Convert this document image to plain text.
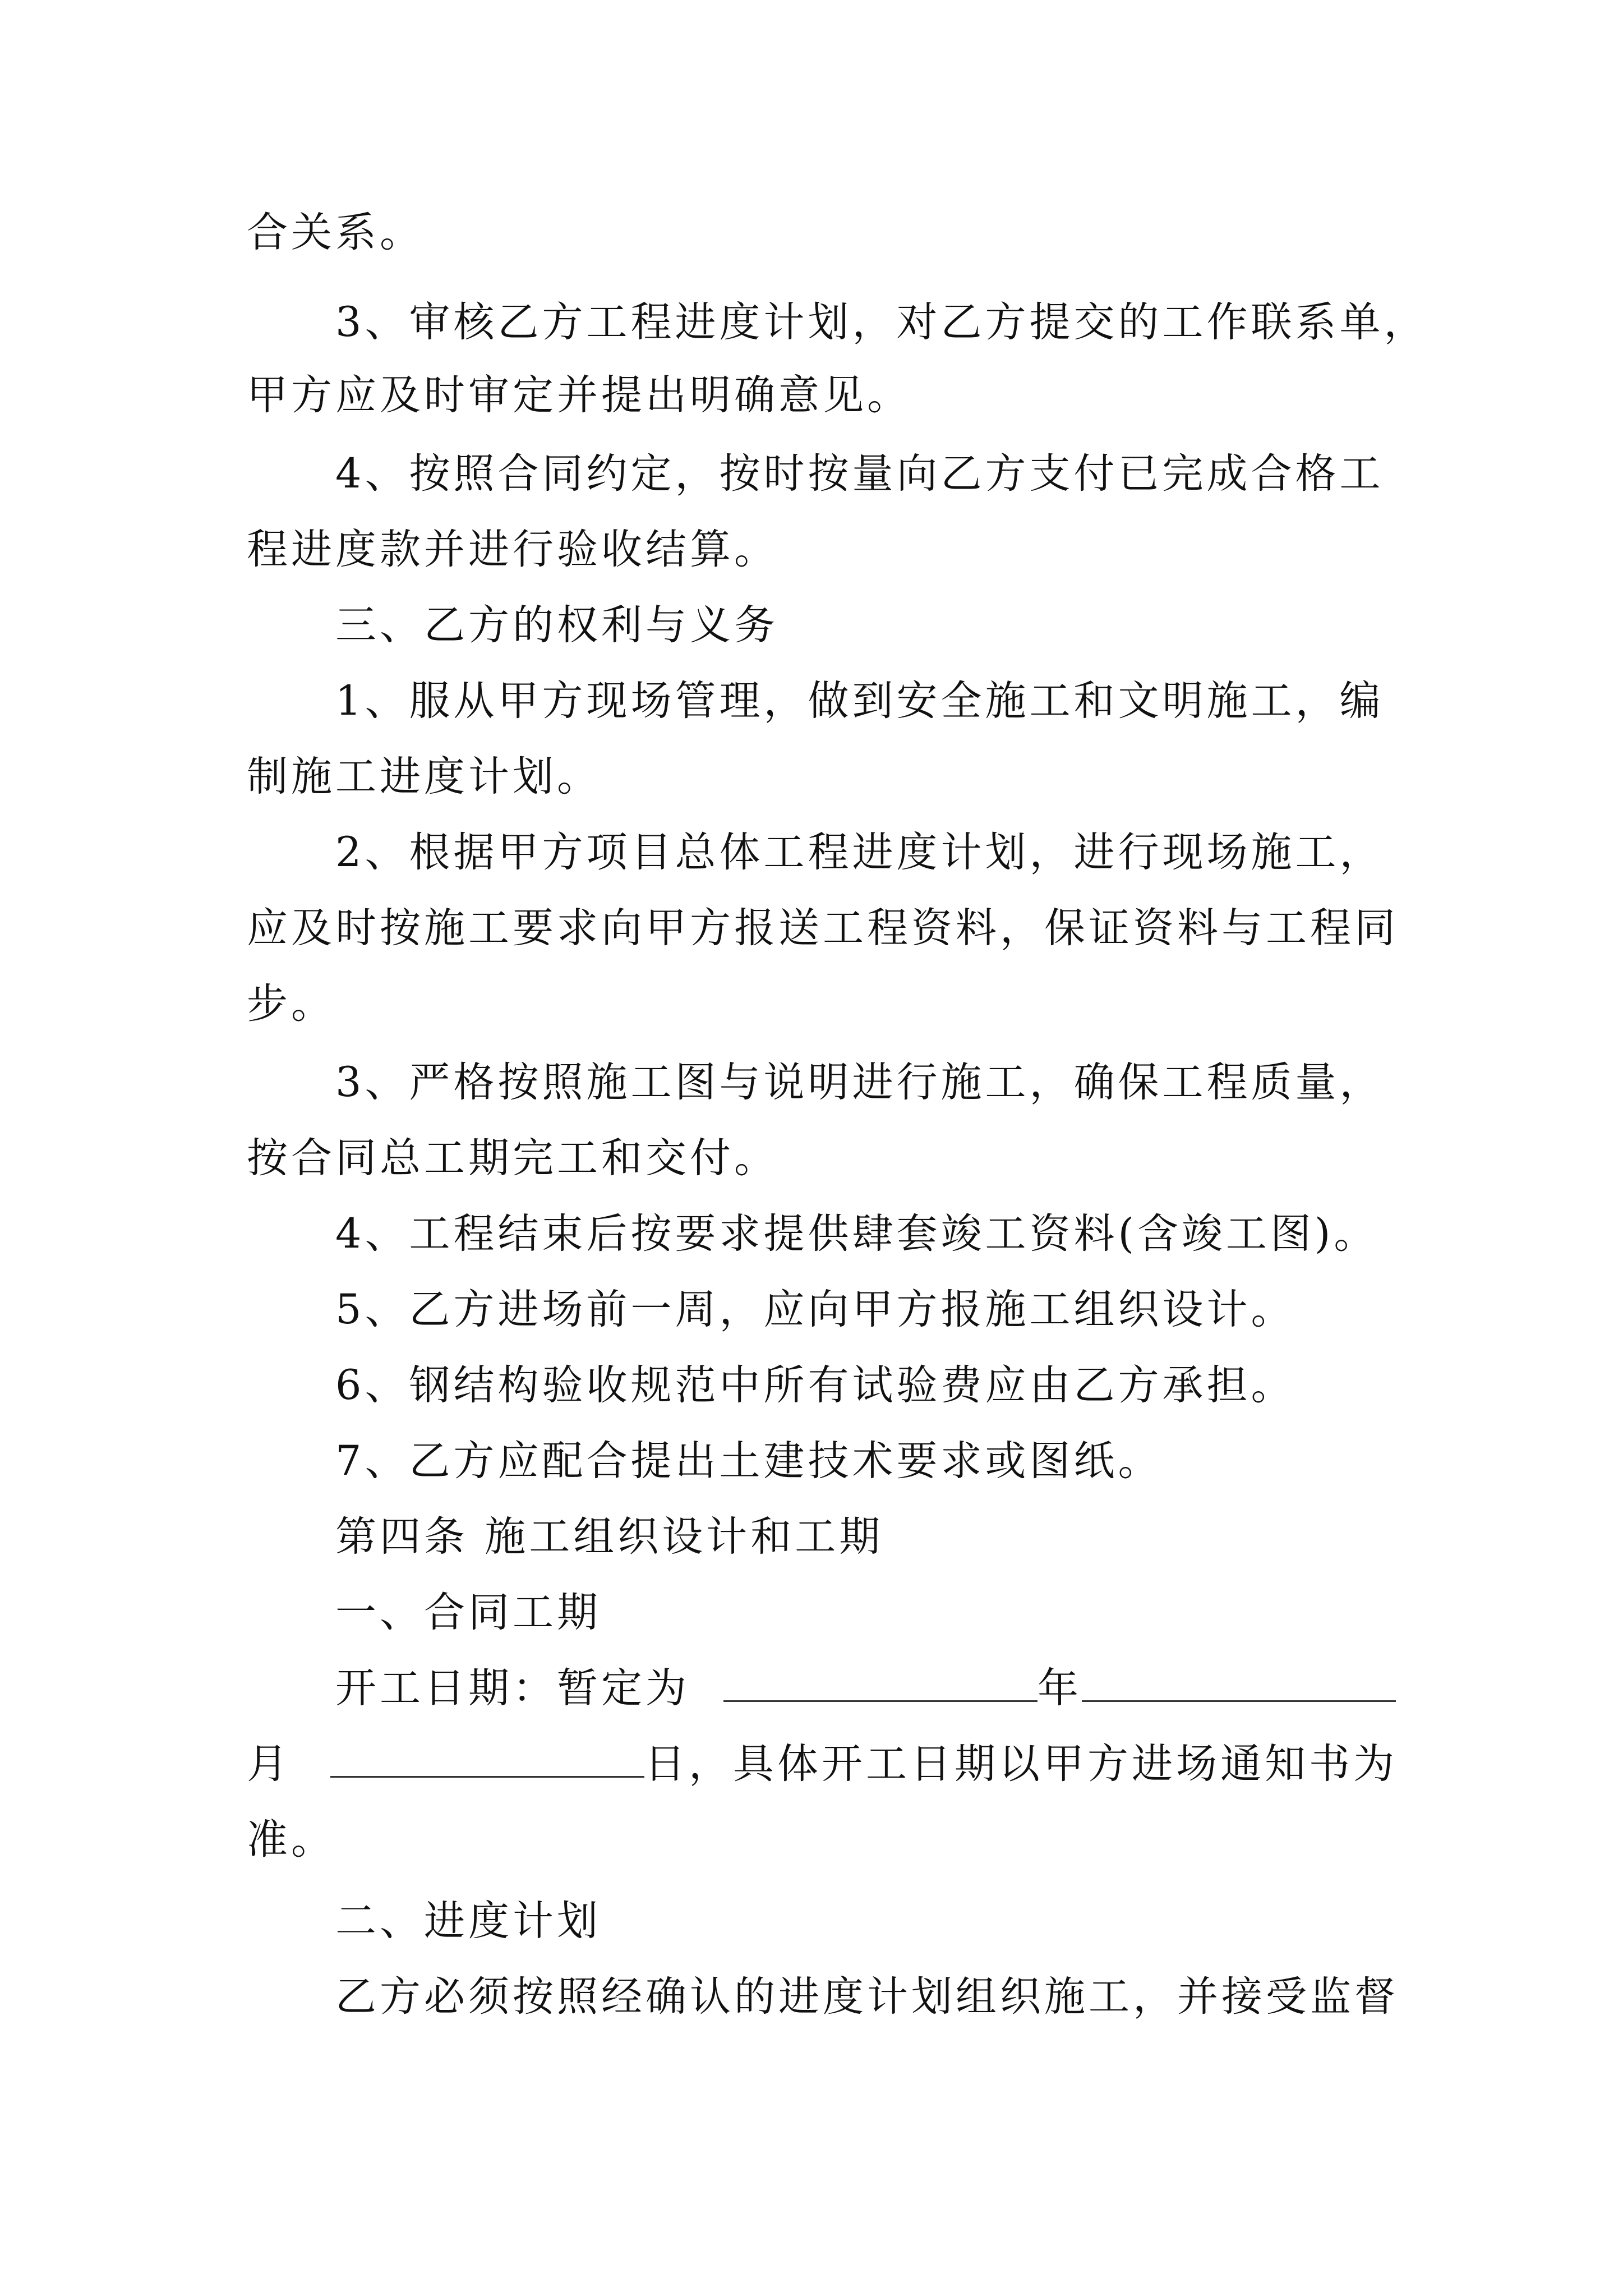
合关系。
3、审核乙方工程进度计划，对乙方提交的工作联系单，
甲方应及时审定并提出明确意见。
4、按照合同约定，按时按量向乙方支付已完成合格工
程进度款并进行验收结算。
三、乙方的权利与义务
1、服从甲方现场管理，做到安全施工和文明施工，编
制施工进度计划。
2、根据甲方项目总体工程进度计划，进行现场施工，
应及时按施工要求向甲方报送工程资料，保证资料与工程同
步。
3、严格按照施工图与说明进行施工，确保工程质量，
按合同总工期完工和交付。
4、工程结束后按要求提供肆套竣工资料(含竣工图)。
5、乙方进场前一周，应向甲方报施工组织设计。
6、钢结构验收规范中所有试验费应由乙方承担。
7、乙方应配合提出土建技术要求或图纸。
第四条 施工组织设计和工期
一、合同工期
开工日期：暂定为	年
月	日，具体开工日期以甲方进场通知书为
准。
二、进度计划
乙方必须按照经确认的进度计划组织施工，并接受监督
